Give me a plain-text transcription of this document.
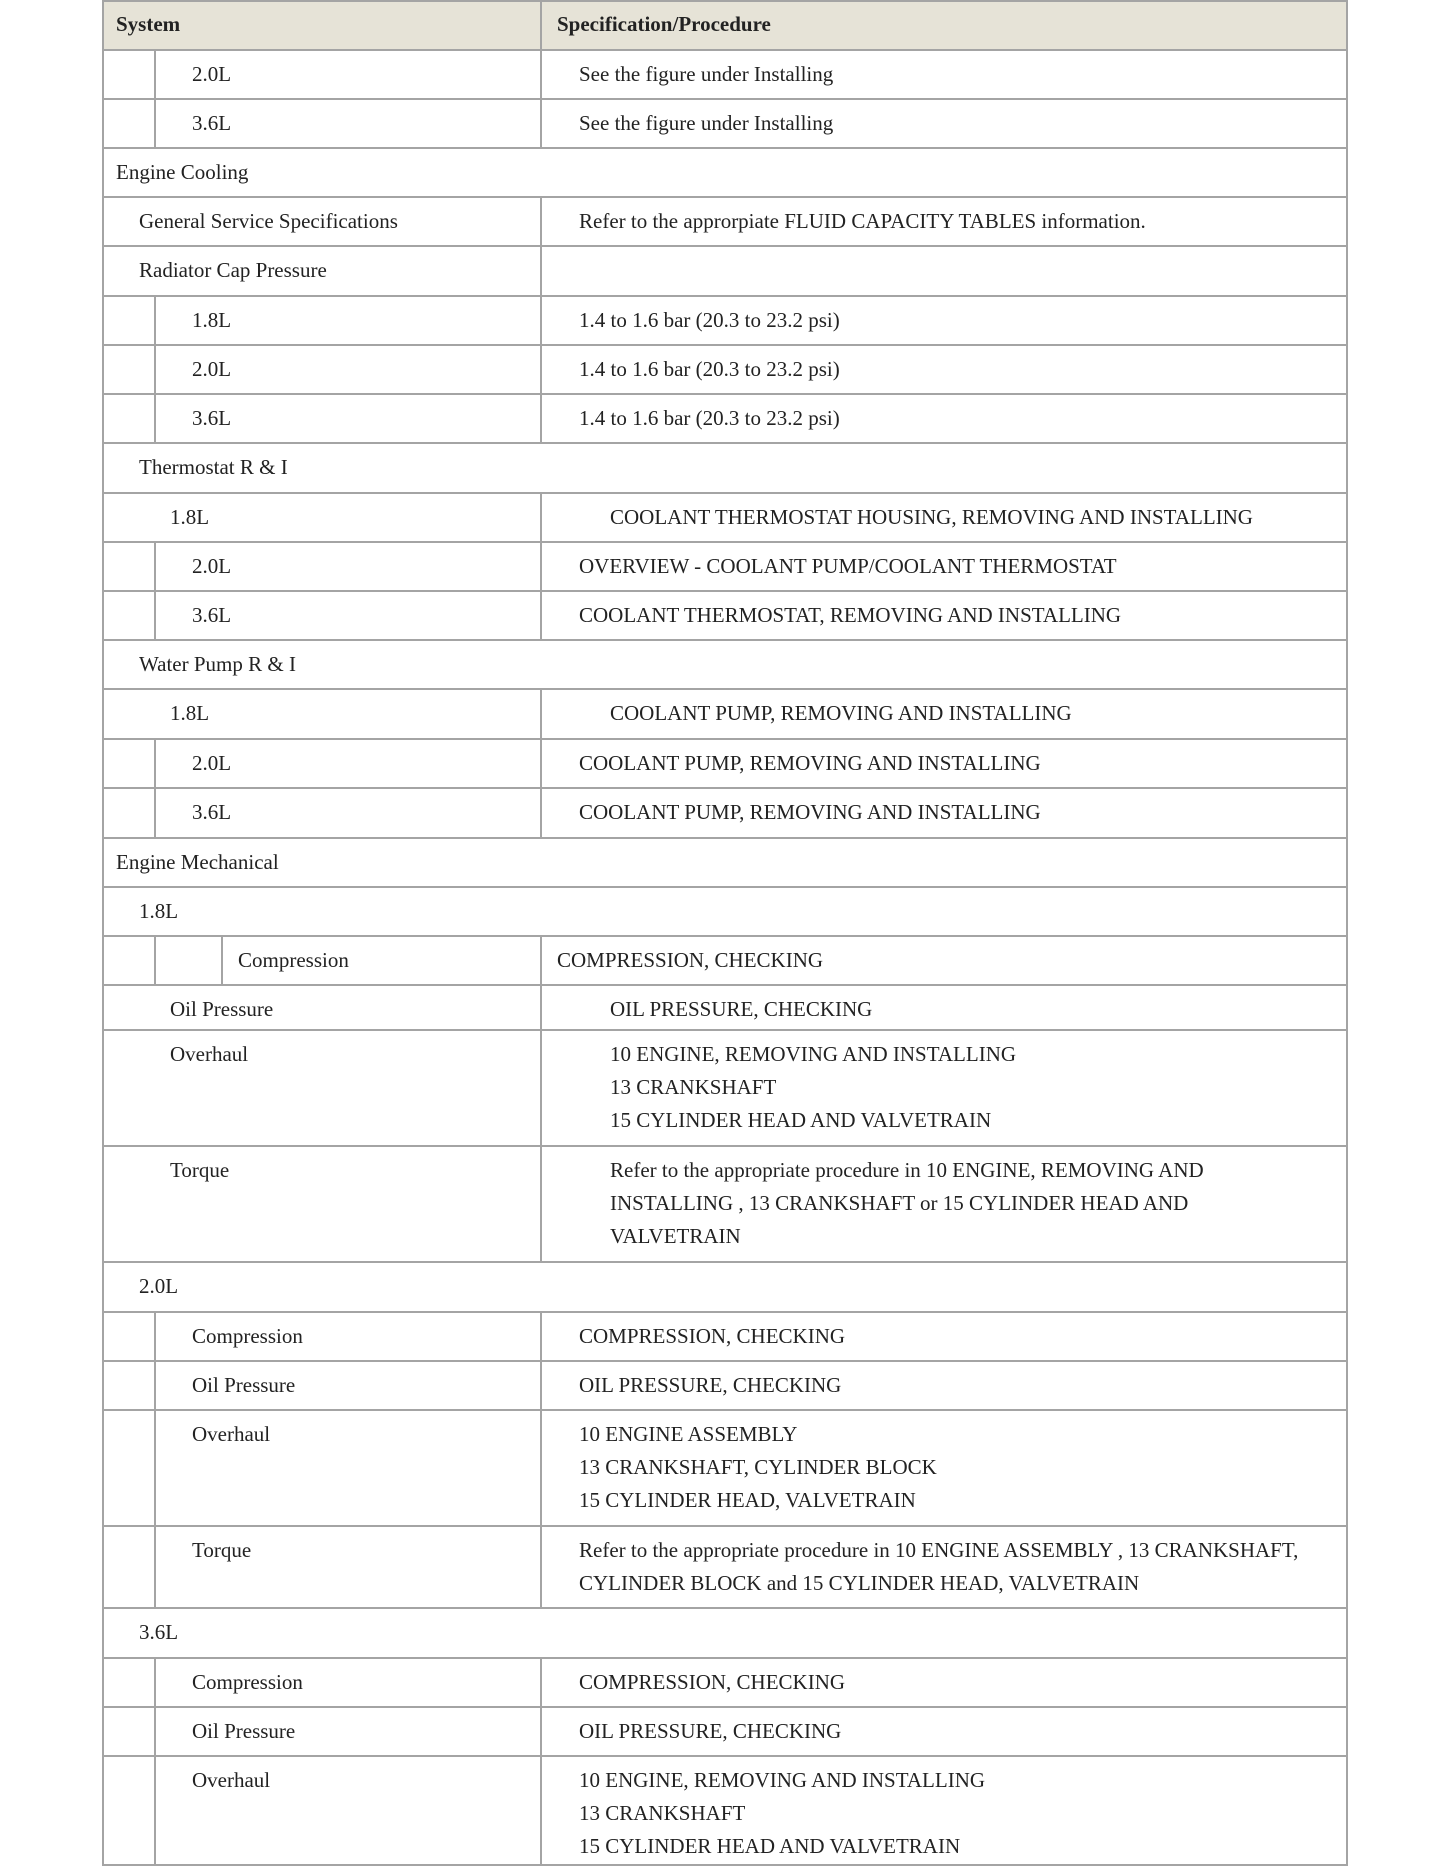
System	Specification/Procedure
2.0L	See the figure under Installing
3.6L	See the figure under Installing
Engine Cooling
General Service Specifications	Refer to the approrpiate FLUID CAPACITY TABLES information.
Radiator Cap Pressure
1.8L	1.4 to 1.6 bar (20.3 to 23.2 psi)
2.0L	1.4 to 1.6 bar (20.3 to 23.2 psi)
3.6L	1.4 to 1.6 bar (20.3 to 23.2 psi)
Thermostat R & I
1.8L	COOLANT THERMOSTAT HOUSING, REMOVING AND INSTALLING
2.0L	OVERVIEW - COOLANT PUMP/COOLANT THERMOSTAT
3.6L	COOLANT THERMOSTAT, REMOVING AND INSTALLING
Water Pump R & I
1.8L	COOLANT PUMP, REMOVING AND INSTALLING
2.0L	COOLANT PUMP, REMOVING AND INSTALLING
3.6L	COOLANT PUMP, REMOVING AND INSTALLING
Engine Mechanical
1.8L
Compression	COMPRESSION, CHECKING
Oil Pressure	OIL PRESSURE, CHECKING
Overhaul	10 ENGINE, REMOVING AND INSTALLING
13 CRANKSHAFT
15 CYLINDER HEAD AND VALVETRAIN
Torque	Refer to the appropriate procedure in 10 ENGINE, REMOVING AND
INSTALLING , 13 CRANKSHAFT or 15 CYLINDER HEAD AND
VALVETRAIN
2.0L
Compression	COMPRESSION, CHECKING
Oil Pressure	OIL PRESSURE, CHECKING
Overhaul	10 ENGINE ASSEMBLY
13 CRANKSHAFT, CYLINDER BLOCK
15 CYLINDER HEAD, VALVETRAIN
Torque	Refer to the appropriate procedure in 10 ENGINE ASSEMBLY , 13 CRANKSHAFT,
CYLINDER BLOCK and 15 CYLINDER HEAD, VALVETRAIN
3.6L
Compression	COMPRESSION, CHECKING
Oil Pressure	OIL PRESSURE, CHECKING
Overhaul	10 ENGINE, REMOVING AND INSTALLING
13 CRANKSHAFT
15 CYLINDER HEAD AND VALVETRAIN
